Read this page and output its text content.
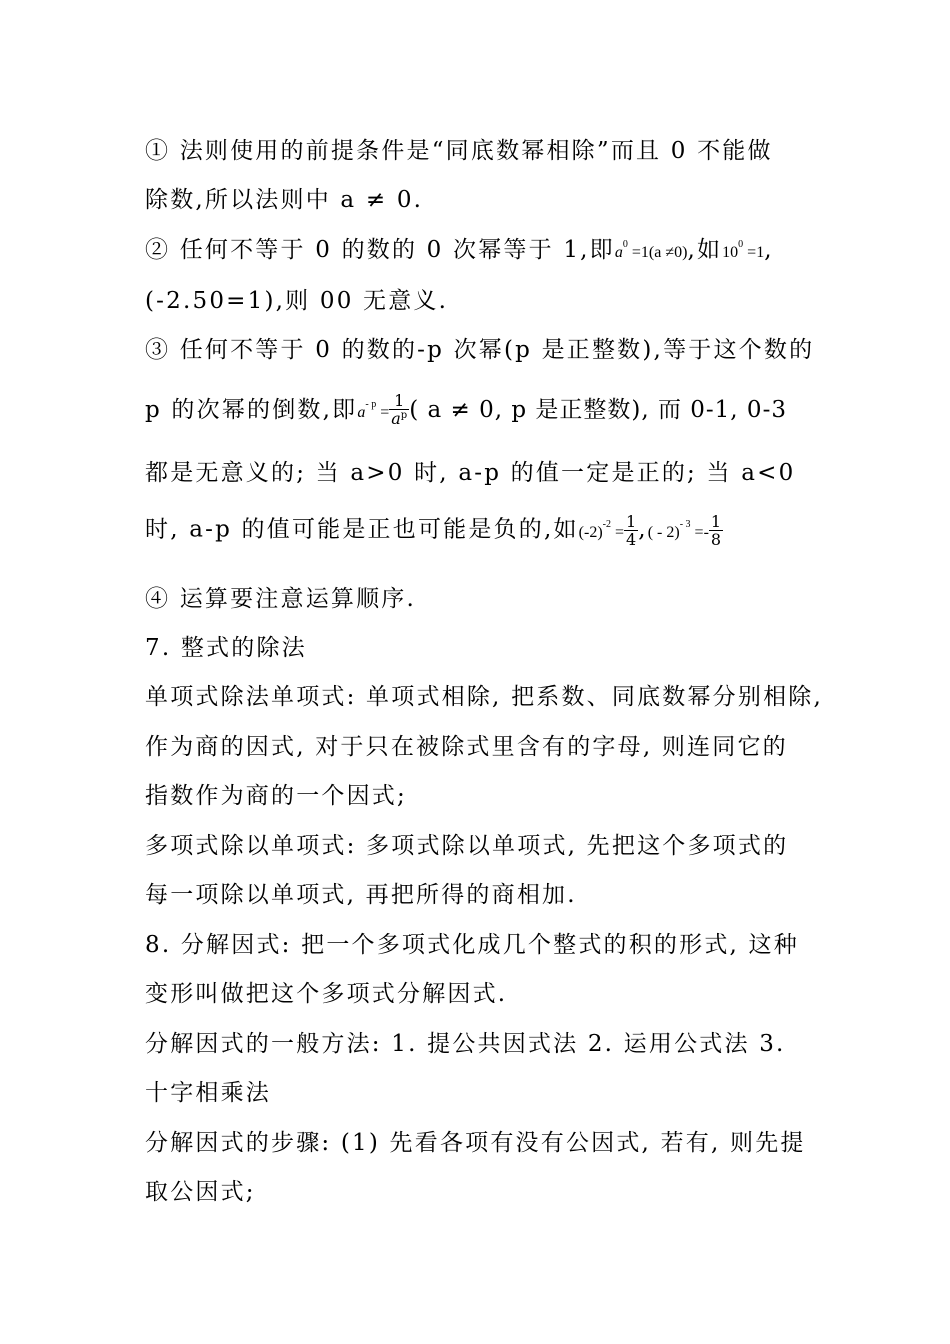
① 法则使用的前提条件是“同底数幂相除”而且 0 不能做
除数,所以法则中 a ≠ 0.
② 任何不等于 0 的数的 0 次幂等于 1,即$a^0 =1(a \ne 0)$,如$10^0 =1$,
(-2.50=1),则 00 无意义.
③ 任何不等于 0 的数的-p 次幂(p 是正整数),等于这个数的
p 的次幂的倒数,即$a^{- p} = \frac{1}{a^p}$ ( a ≠ 0, p 是正整数), 而 0-1, 0-3
都是无意义的; 当 a>0 时, a-p 的值一定是正的; 当 a<0
时, a-p 的值可能是正也可能是负的,如$(-2)^{-2} = \frac{1}{4}$ ,( - $2)^{- 3} =- \frac{1}{8}$
④ 运算要注意运算顺序.
7. 整式的除法
单项式除法单项式: 单项式相除, 把系数、同底数幂分别相除,
作为商的因式, 对于只在被除式里含有的字母, 则连同它的
指数作为商的一个因式;
多项式除以单项式: 多项式除以单项式, 先把这个多项式的
每一项除以单项式, 再把所得的商相加.
8. 分解因式: 把一个多项式化成几个整式的积的形式, 这种
变形叫做把这个多项式分解因式.
分解因式的一般方法: 1. 提公共因式法 2. 运用公式法 3.
十字相乘法
分解因式的步骤: (1) 先看各项有没有公因式, 若有, 则先提
取公因式;
